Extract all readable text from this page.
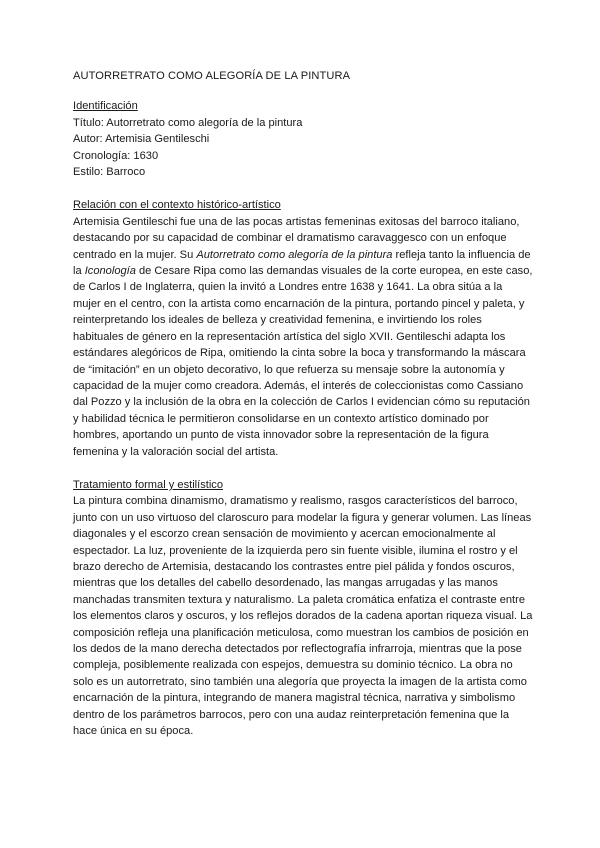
AUTORRETRATO COMO ALEGORÍA DE LA PINTURA

Identificación

Título: Autorretrato como alegoría de la pintura

Autor: Artemisia Gentileschi

Cronología: 1630

Estilo: Barroco

Relación con el contexto histórico-artístico

Artemisia Gentileschi fue una de las pocas artistas femeninas exitosas del barroco italiano, destacando por su capacidad de combinar el dramatismo caravaggesco con un enfoque centrado en la mujer. Su Autorretrato como alegoría de la pintura refleja tanto la influencia de la Iconología de Cesare Ripa como las demandas visuales de la corte europea, en este caso, de Carlos I de Inglaterra, quien la invitó a Londres entre 1638 y 1641. La obra sitúa a la mujer en el centro, con la artista como encarnación de la pintura, portando pincel y paleta, y reinterpretando los ideales de belleza y creatividad femenina, e invirtiendo los roles habituales de género en la representación artística del siglo XVII. Gentileschi adapta los estándares alegóricos de Ripa, omitiendo la cinta sobre la boca y transformando la máscara de “imitación” en un objeto decorativo, lo que refuerza su mensaje sobre la autonomía y capacidad de la mujer como creadora. Además, el interés de coleccionistas como Cassiano dal Pozzo y la inclusión de la obra en la colección de Carlos I evidencian cómo su reputación y habilidad técnica le permitieron consolidarse en un contexto artístico dominado por hombres, aportando un punto de vista innovador sobre la representación de la figura femenina y la valoración social del artista.

Tratamiento formal y estilístico

La pintura combina dinamismo, dramatismo y realismo, rasgos característicos del barroco, junto con un uso virtuoso del claroscuro para modelar la figura y generar volumen. Las líneas diagonales y el escorzo crean sensación de movimiento y acercan emocionalmente al espectador. La luz, proveniente de la izquierda pero sin fuente visible, ilumina el rostro y el brazo derecho de Artemisia, destacando los contrastes entre piel pálida y fondos oscuros, mientras que los detalles del cabello desordenado, las mangas arrugadas y las manos manchadas transmiten textura y naturalismo. La paleta cromática enfatiza el contraste entre los elementos claros y oscuros, y los reflejos dorados de la cadena aportan riqueza visual. La composición refleja una planificación meticulosa, como muestran los cambios de posición en los dedos de la mano derecha detectados por reflectografía infrarroja, mientras que la pose compleja, posiblemente realizada con espejos, demuestra su dominio técnico. La obra no solo es un autorretrato, sino también una alegoría que proyecta la imagen de la artista como encarnación de la pintura, integrando de manera magistral técnica, narrativa y simbolismo dentro de los parámetros barrocos, pero con una audaz reinterpretación femenina que la hace única en su época.
